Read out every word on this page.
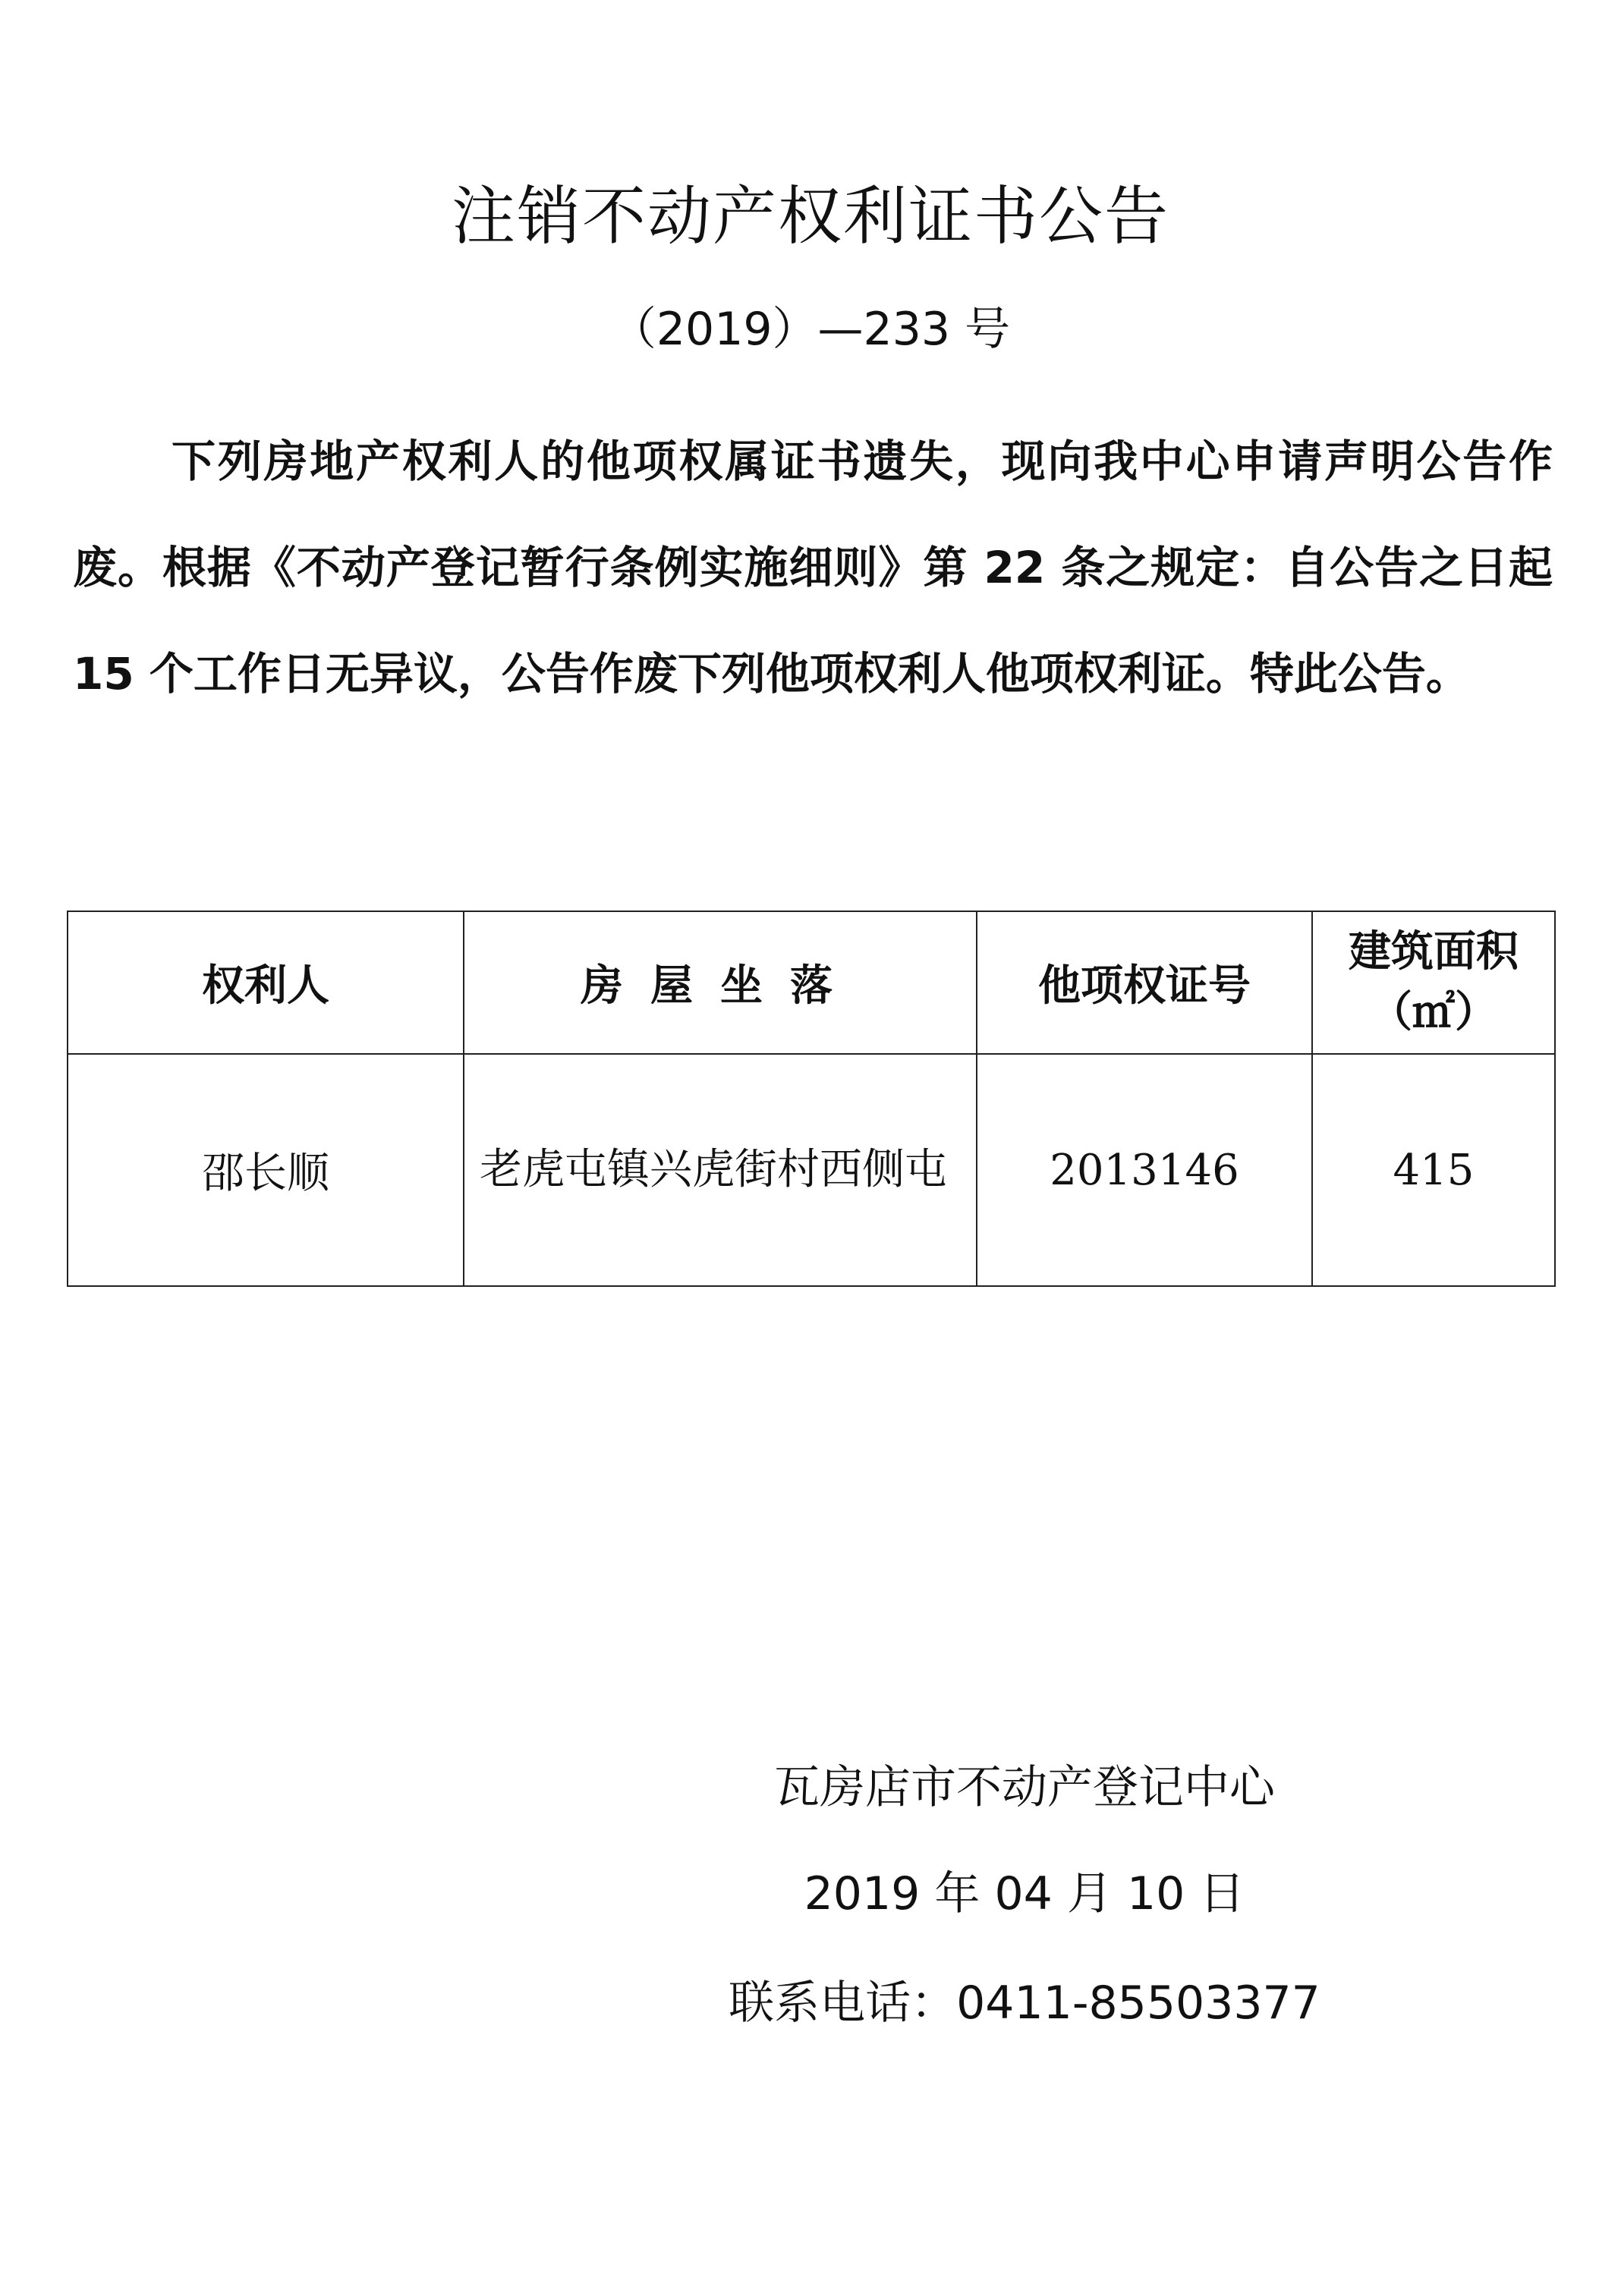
注销不动产权利证书公告
（2019）—233 号
下列房地产权利人的他项权属证书遗失，现向我中心申请声明公告作废。根据《不动产登记暂行条例实施细则》第 22 条之规定：自公告之日起 15 个工作日无异议，公告作废下列他项权利人他项权利证。特此公告。
权利人	房屋坐落	他项权证号	建筑面积
（㎡）

邵长顺	老虎屯镇兴虎街村西侧屯	2013146	415
瓦房店市不动产登记中心
2019 年 04 月 10 日
联系电话：0411-85503377
